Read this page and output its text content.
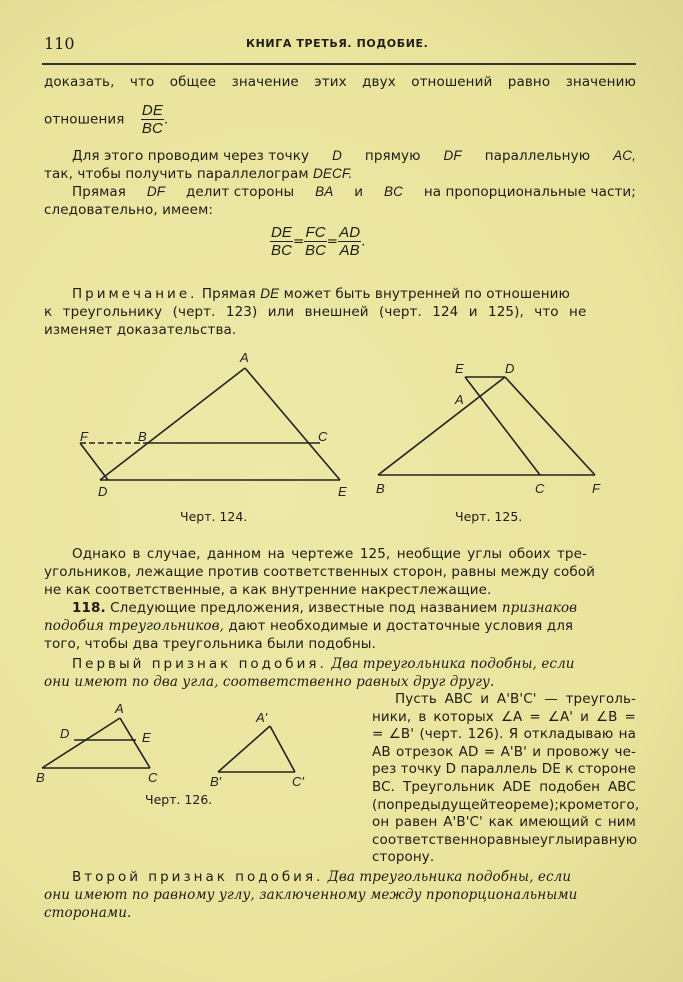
110	КНИГА ТРЕТЬЯ. ПОДОБИЕ.
доказать, что общее значение этих двух отношений равно значению
отношения $\frac{DE}{BC}$ .
Для этого проводим через точку D прямую DF параллельную AC,
так, чтобы получить параллелограм DECF.
Прямая DF делит стороны BA и BC на пропорциональные части;
следовательно, имеем:
$\frac{DE}{BC} = \frac{FC}{BC} = \frac{AD}{AB}$ .
Примечание. Прямая DE может быть внутренней по отношению
к треугольнику (черт. 123) или внешней (черт. 124 и 125), что не
изменяет доказательства.
A
F	B	C
D	E
E	D
A
B	C	F
A
D	E
B	C
A'
B'	C'
Черт. 124.	Черт. 125.
Черт. 126.
Однако в случае, данном на чертеже 125, необщие углы обоих тре-
угольников, лежащие против соответственных сторон, равны между собой
не как соответственные, а как внутренние накрестлежащие.
118. Следующие предложения, известные под названием признаков
подобия треугольников, дают необходимые и достаточные условия для
того, чтобы два треугольника были подобны.
Первый признак подобия. Два треугольника подобны, если
они имеют по два угла, соответственно равных друг другу.
Пусть ABC и A'B'C' — треуголь-
ники, в которых ∠A = ∠A' и ∠B =
= ∠B' (черт. 126). Я откладываю на
AB отрезок AD = A'B' и провожу че-
рез точку D параллель DE к стороне
BC. Треугольник ADE подобен ABC
(по предыдущей теореме); кроме того,
он равен A'B'C' как имеющий с ним
соответственно равные углы и равную
сторону.
Второй признак подобия. Два треугольника подобны, если
они имеют по равному углу, заключенному между пропорциональными
сторонами.
